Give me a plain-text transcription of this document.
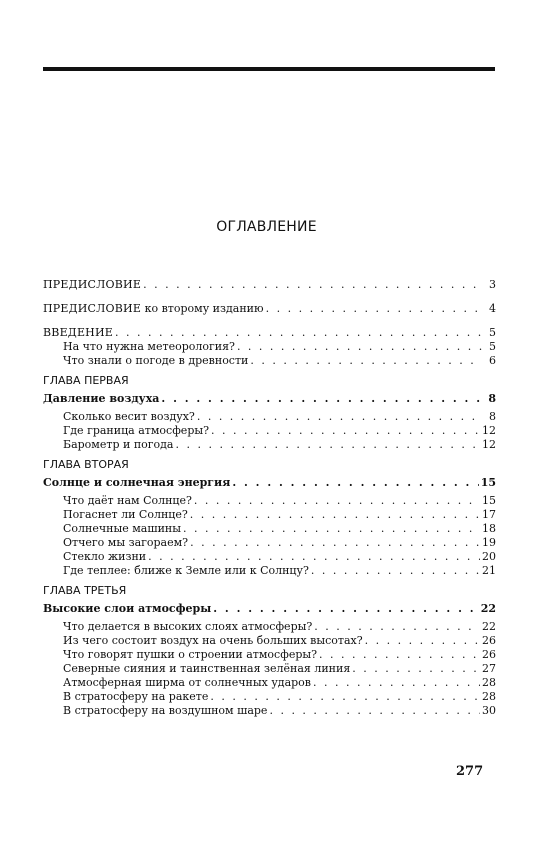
ОГЛАВЛЕНИЕ
ПРЕДИСЛОВИЕ . . .	3
ПРЕДИСЛОВИЕ ко второму изданию . . .	4
ВВЕДЕНИЕ . . .	5
На что нужна метеорология? . . .	5
Что знали о погоде в древности . . .	6
ГЛАВА ПЕРВАЯ
Давление воздуха . . .	8
Сколько весит воздух? . . .	8
Где граница атмосферы? . . .	12
Барометр и погода . . .	12
ГЛАВА ВТОРАЯ
Солнце и солнечная энергия . . .	15
Что даёт нам Солнце? . . .	15
Погаснет ли Солнце? . . .	17
Солнечные машины . . .	18
Отчего мы загораем? . . .	19
Стекло жизни . . .	20
Где теплее: ближе к Земле или к Солнцу? . . .	21
ГЛАВА ТРЕТЬЯ
Высокие слои атмосферы . . .	22
Что делается в высоких слоях атмосферы? . . .	22
Из чего состоит воздух на очень больших высотах? . . .	26
Что говорят пушки о строении атмосферы? . . .	26
Северные сияния и таинственная зелёная линия . . .	27
Атмосферная ширма от солнечных ударов . . .	28
В стратосферу на ракете . . .	28
В стратосферу на воздушном шаре . . .	30
277
